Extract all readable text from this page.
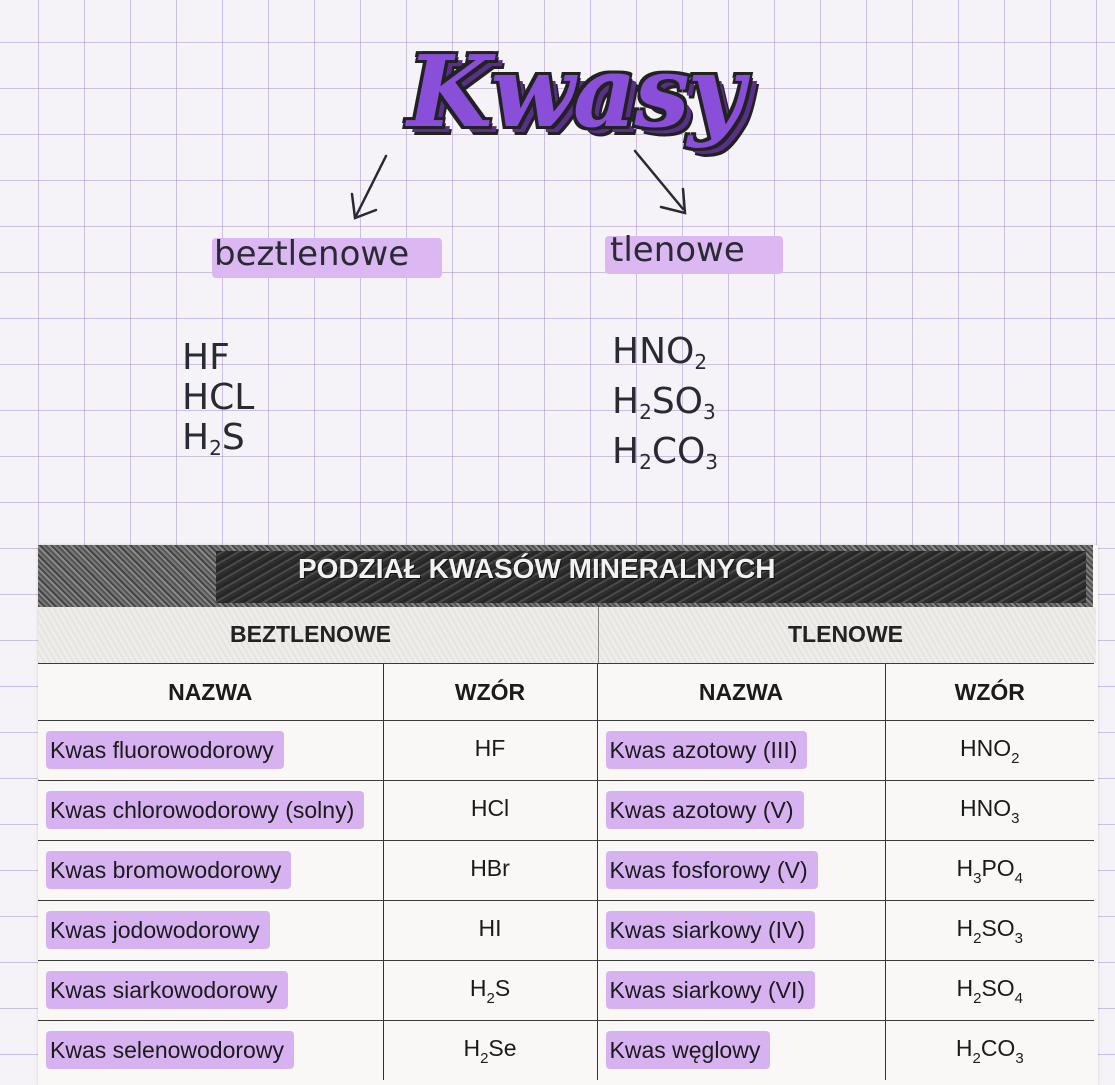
Kwasy
beztlenowe	tlenowe
HF
HCL
$H_2S$
$HNO_2$
$H_2SO_3$
$H_2CO_3$
PODZIAŁ KWASÓW MINERALNYCH
BEZTLENOWE	TLENOWE
NAZWA	WZÓR	NAZWA	WZÓR
Kwas fluorowodorowy	HF	Kwas azotowy (III)	$HNO_2$
Kwas chlorowodorowy (solny)	HCl	Kwas azotowy (V)	$HNO_3$
Kwas bromowodorowy	HBr	Kwas fosforowy (V)	$H_3PO_4$
Kwas jodowodorowy	HI	Kwas siarkowy (IV)	$H_2SO_3$
Kwas siarkowodorowy	$H_2S$	Kwas siarkowy (VI)	$H_2SO_4$
Kwas selenowodorowy	$H_2Se$	Kwas węglowy	$H_2CO_3$
